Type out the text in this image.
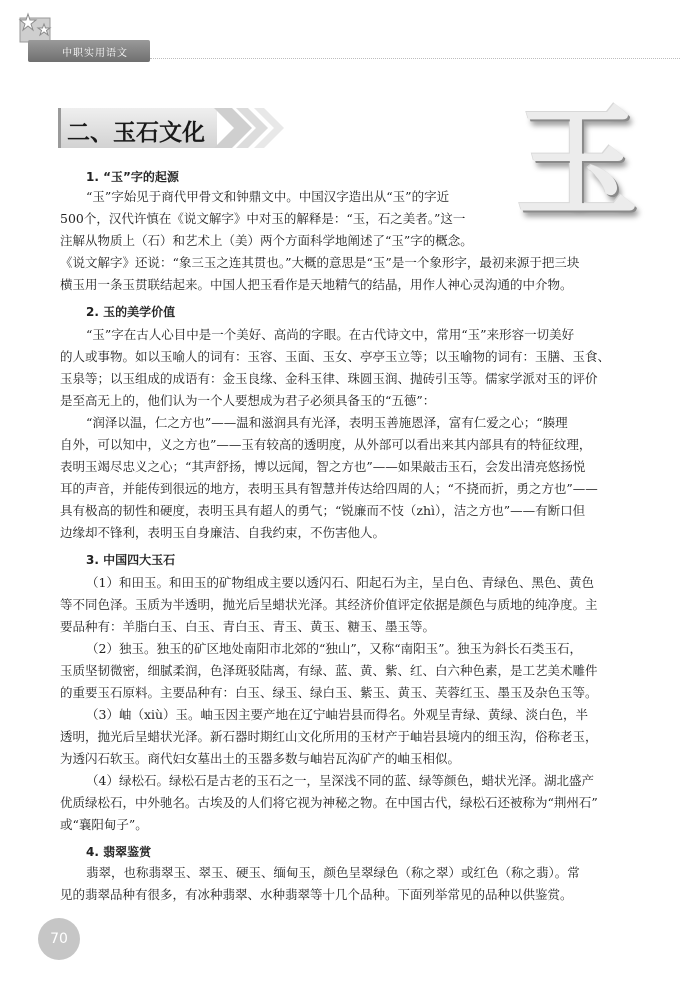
中职实用语文
二、玉石文化	玉
1. “玉”字的起源
“玉”字始见于商代甲骨文和钟鼎文中。中国汉字造出从“玉”的字近
500个，汉代许慎在《说文解字》中对玉的解释是：“玉，石之美者。”这一
注解从物质上（石）和艺术上（美）两个方面科学地阐述了“玉”字的概念。
《说文解字》还说：“象三玉之连其贯也。”大概的意思是“玉”是一个象形字，最初来源于把三块
横玉用一条玉贯联结起来。中国人把玉看作是天地精气的结晶，用作人神心灵沟通的中介物。
2. 玉的美学价值
“玉”字在古人心目中是一个美好、高尚的字眼。在古代诗文中，常用“玉”来形容一切美好
的人或事物。如以玉喻人的词有：玉容、玉面、玉女、亭亭玉立等；以玉喻物的词有：玉膳、玉食、
玉泉等；以玉组成的成语有：金玉良缘、金科玉律、珠圆玉润、抛砖引玉等。儒家学派对玉的评价
是至高无上的，他们认为一个人要想成为君子必须具备玉的“五德”：
“润泽以温，仁之方也”——温和滋润具有光泽，表明玉善施恩泽，富有仁爱之心；“腠理
自外，可以知中，义之方也”——玉有较高的透明度，从外部可以看出来其内部具有的特征纹理，
表明玉竭尽忠义之心；“其声舒扬，博以远闻，智之方也”——如果敲击玉石，会发出清亮悠扬悦
耳的声音，并能传到很远的地方，表明玉具有智慧并传达给四周的人；“不挠而折，勇之方也”——
具有极高的韧性和硬度，表明玉具有超人的勇气；“锐廉而不忮（zhì），洁之方也”——有断口但
边缘却不锋利，表明玉自身廉洁、自我约束，不伤害他人。
3. 中国四大玉石
（1）和田玉。和田玉的矿物组成主要以透闪石、阳起石为主，呈白色、青绿色、黑色、黄色
等不同色泽。玉质为半透明，抛光后呈蜡状光泽。其经济价值评定依据是颜色与质地的纯净度。主
要品种有：羊脂白玉、白玉、青白玉、青玉、黄玉、糖玉、墨玉等。
（2）独玉。独玉的矿区地处南阳市北郊的“独山”，又称“南阳玉”。独玉为斜长石类玉石，
玉质坚韧微密，细腻柔润，色泽斑驳陆离，有绿、蓝、黄、紫、红、白六种色素，是工艺美术雕件
的重要玉石原料。主要品种有：白玉、绿玉、绿白玉、紫玉、黄玉、芙蓉红玉、墨玉及杂色玉等。
（3）岫（xiù）玉。岫玉因主要产地在辽宁岫岩县而得名。外观呈青绿、黄绿、淡白色，半
透明，抛光后呈蜡状光泽。新石器时期红山文化所用的玉材产于岫岩县境内的细玉沟，俗称老玉，
为透闪石软玉。商代妇女墓出土的玉器多数与岫岩瓦沟矿产的岫玉相似。
（4）绿松石。绿松石是古老的玉石之一，呈深浅不同的蓝、绿等颜色，蜡状光泽。湖北盛产
优质绿松石，中外驰名。古埃及的人们将它视为神秘之物。在中国古代，绿松石还被称为“荆州石”
或“襄阳甸子”。
4. 翡翠鉴赏
翡翠，也称翡翠玉、翠玉、硬玉、缅甸玉，颜色呈翠绿色（称之翠）或红色（称之翡）。常
见的翡翠品种有很多，有冰种翡翠、水种翡翠等十几个品种。下面列举常见的品种以供鉴赏。
70
